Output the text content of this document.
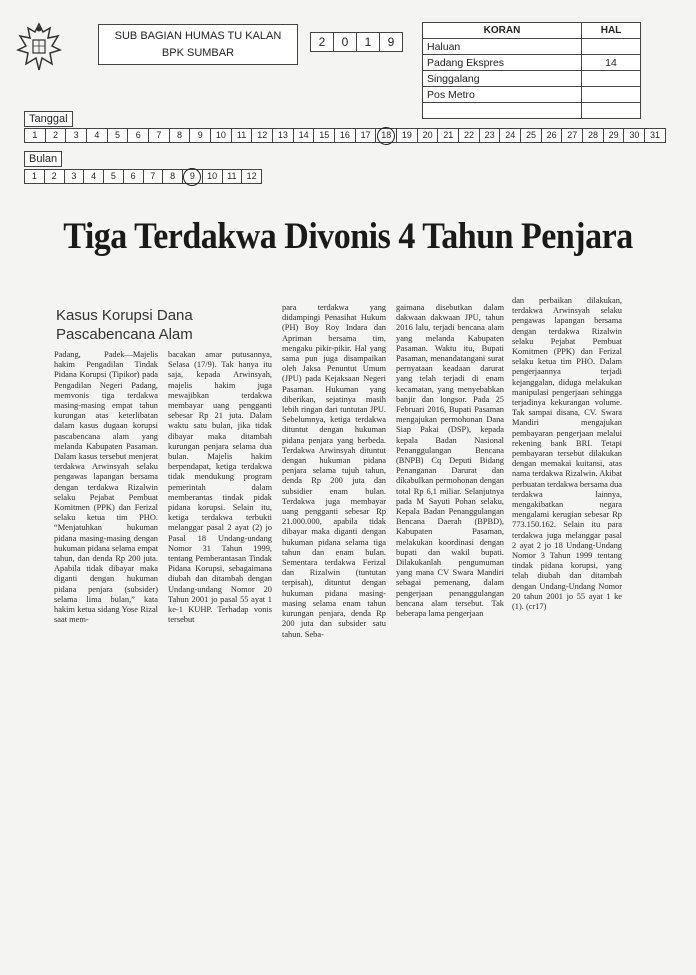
SUB BAGIAN HUMAS TU KALAN
BPK SUMBAR
2	0	1	9
KORAN	HAL
Haluan	
Padang Ekspres	14
Singgalang	
Pos Metro	

Tanggal
1	2	3	4	5	6	7	8	9	10	11	12	13	14	15	16	17	18	19	20	21	22	23	24	25	26	27	28	29	30	31
Bulan
1	2	3	4	5	6	7	8	9	10	11	12
Tiga Terdakwa Divonis 4 Tahun Penjara
Kasus Korupsi Dana Pascabencana Alam
Padang, Padek—Majelis hakim Pengadilan Tindak Pidana Korupsi (Tipikor) pada Pengadilan Negeri Padang, memvonis tiga terdakwa masing-masing empat tahun kurungan atas keterlibatan dalam kasus dugaan korupsi pascabencana alam yang melanda Kabupaten Pasaman. Dalam kasus tersebut menjerat terdakwa Arwinsyah selaku pengawas lapangan bersama dengan terdakwa Rizalwin selaku Pejabat Pembuat Komitmen (PPK) dan Ferizal selaku ketua tim PHO. “Menjatuhkan hukuman pidana masing-masing dengan hukuman pidana selama empat tahun, dan denda Rp 200 juta. Apabila tidak dibayar maka diganti dengan hukuman pidana penjara (subsider) selama lima bulan,” kata hakim ketua sidang Yose Rizal saat mem-
bacakan amar putusannya, Selasa (17/9). Tak hanya itu saja, kepada Arwinsyah, majelis hakim juga mewajibkan terdakwa membayar uang pengganti sebesar Rp 21 juta. Dalam waktu satu bulan, jika tidak dibayar maka ditambah kurungan penjara selama dua bulan. Majelis hakim berpendapat, ketiga terdakwa tidak mendukung program pemerintah dalam memberantas tindak pidak pidana korupsi. Selain itu, ketiga terdakwa terbukti melanggar pasal 2 ayat (2) jo Pasal 18 Undang-undang Nomor 31 Tahun 1999, tentang Pemberantasan Tindak Pidana Korupsi, sebagaimana diubah dan ditambah dengan Undang-undang Nomor 20 Tahun 2001 jo pasal 55 ayat 1 ke-1 KUHP. Terhadap vonis tersebut
para terdakwa yang didampingi Penasihat Hukum (PH) Boy Roy Indara dan Apriman bersama tim, mengaku pikir-pikir. Hal yang sama pun juga disampaikan oleh Jaksa Penuntut Umum (JPU) pada Kejaksaan Negeri Pasaman. Hukuman yang diberikan, sejatinya masih lebih ringan dari tuntutan JPU. Sebelumnya, ketiga terdakwa dituntut dengan hukuman pidana penjara yang berbeda. Terdakwa Arwinsyah dituntut dengan hukuman pidana penjara selama tujuh tahun, denda Rp 200 juta dan subsidier enam bulan. Terdakwa juga membayar uang pengganti sebesar Rp 21.000.000, apabila tidak dibayar maka diganti dengan hukuman pidana selama tiga tahun dan enam bulan. Sementara terdakwa Ferizal dan Rizalwin (tuntutan terpisah), dituntut dengan hukuman pidana masing-masing selama enam tahun kurungan penjara, denda Rp 200 juta dan subsider satu tahun. Seba-
gaimana disebutkan dalam dakwaan dakwaan JPU, tahun 2016 lalu, terjadi bencana alam yang melanda Kabupaten Pasaman. Waktu itu, Bupati Pasaman, menandatangani surat pernyataan keadaan darurat yang telah terjadi di enam kecamatan, yang menyebabkan banjir dan longsor. Pada 25 Februari 2016, Bupati Pasaman mengajukan permohonan Dana Siap Pakai (DSP), kepada kepala Badan Nasional Penanggulangan Bencana (BNPB) Cq Deputi Bidang Penanganan Darurat dan dikabulkan permohonan dengan total Rp 6,1 miliar. Selanjutnya pada M Sayuti Pohan selaku, Kepala Badan Penanggulangan Bencana Daerah (BPBD), Kabupaten Pasaman, melakukan koordinasi dengan bupati dan wakil bupati. Dilakukanlah pengumuman yang mana CV Swara Mandiri sebagai pemenang, dalam pengerjaan penanggulangan bencana alam tersebut. Tak beberapa lama pengerjaan
dan perbaikan dilakukan, terdakwa Arwinsyah selaku pengawas lapangan bersama dengan terdakwa Rizalwin selaku Pejabat Pembuat Komitmen (PPK) dan Ferizal selaku ketua tim PHO. Dalam pengerjaannya terjadi kejanggalan, diduga melakukan manipulasi pengerjaan sehingga terjadinya kekurangan volume. Tak sampai disana, CV. Swara Mandiri mengajukan pembayaran pengerjaan melalui rekening bank BRI. Tetapi pembayaran tersebut dilakukan dengan memakai kuitansi, atas nama terdakwa Rizalwin. Akibat perbuatan terdakwa bersama dua terdakwa lainnya, mengakibatkan negara mengalami kerugian sebesar Rp 773.150.162. Selain itu para terdakwa juga melanggar pasal 2 ayat 2 jo 18 Undang-Undang Nomor 3 Tahun 1999 tentang tindak pidana korupsi, yang telah diubah dan ditambah dengan Undang-Undang Nomor 20 tahun 2001 jo 55 ayat 1 ke (1). (cr17)
